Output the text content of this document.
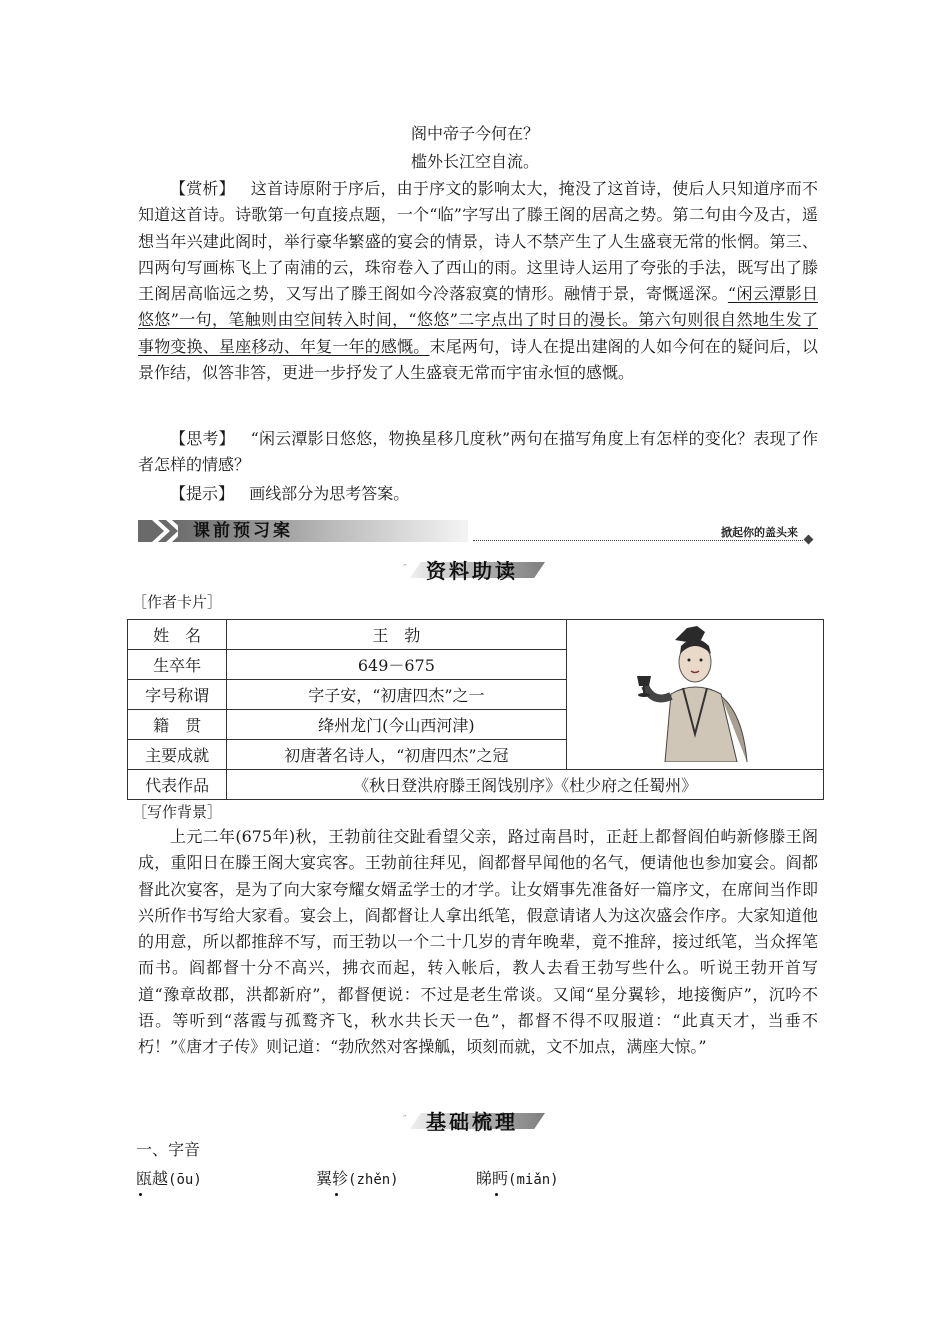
阁中帝子今何在？
槛外长江空自流。
【赏析】 这首诗原附于序后，由于序文的影响太大，掩没了这首诗，使后人只知道序而不知道这首诗。诗歌第一句直接点题，一个“临”字写出了滕王阁的居高之势。第二句由今及古，遥想当年兴建此阁时，举行豪华繁盛的宴会的情景，诗人不禁产生了人生盛衰无常的怅惘。第三、四两句写画栋飞上了南浦的云，珠帘卷入了西山的雨。这里诗人运用了夸张的手法，既写出了滕王阁居高临远之势，又写出了滕王阁如今冷落寂寞的情形。融情于景，寄慨遥深。“闲云潭影日悠悠”一句，笔触则由空间转入时间，“悠悠”二字点出了时日的漫长。第六句则很自然地生发了事物变换、星座移动、年复一年的感慨。末尾两句，诗人在提出建阁的人如今何在的疑问后，以景作结，似答非答，更进一步抒发了人生盛衰无常而宇宙永恒的感慨。
【思考】 “闲云潭影日悠悠，物换星移几度秋”两句在描写角度上有怎样的变化？表现了作者怎样的情感？
【提示】 画线部分为思考答案。
课前预习案	掀起你的盖头来
″ 资料助读
［作者卡片］
姓　名	王　勃	
生卒年	649－675	
字号称谓	字子安，“初唐四杰”之一	
籍　贯	绛州龙门(今山西河津)	
主要成就	初唐著名诗人，“初唐四杰”之冠	
代表作品	《秋日登洪府滕王阁饯别序》《杜少府之任蜀州》	
［写作背景］
上元二年(675年)秋，王勃前往交趾看望父亲，路过南昌时，正赶上都督阎伯屿新修滕王阁成，重阳日在滕王阁大宴宾客。王勃前往拜见，阎都督早闻他的名气，便请他也参加宴会。阎都督此次宴客，是为了向大家夸耀女婿孟学士的才学。让女婿事先准备好一篇序文，在席间当作即兴所作书写给大家看。宴会上，阎都督让人拿出纸笔，假意请诸人为这次盛会作序。大家知道他的用意，所以都推辞不写，而王勃以一个二十几岁的青年晚辈，竟不推辞，接过纸笔，当众挥笔而书。阎都督十分不高兴，拂衣而起，转入帐后，教人去看王勃写些什么。听说王勃开首写道“豫章故郡，洪都新府”，都督便说：不过是老生常谈。又闻“星分翼轸，地接衡庐”，沉吟不语。等听到“落霞与孤鹜齐飞，秋水共长天一色”，都督不得不叹服道：“此真天才，当垂不朽！”《唐才子传》则记道：“勃欣然对客操觚，顷刻而就，文不加点，满座大惊。”
″ 基础梳理
一、字音
瓯越(ōu)	翼轸(zhěn)	睇眄(miǎn)
